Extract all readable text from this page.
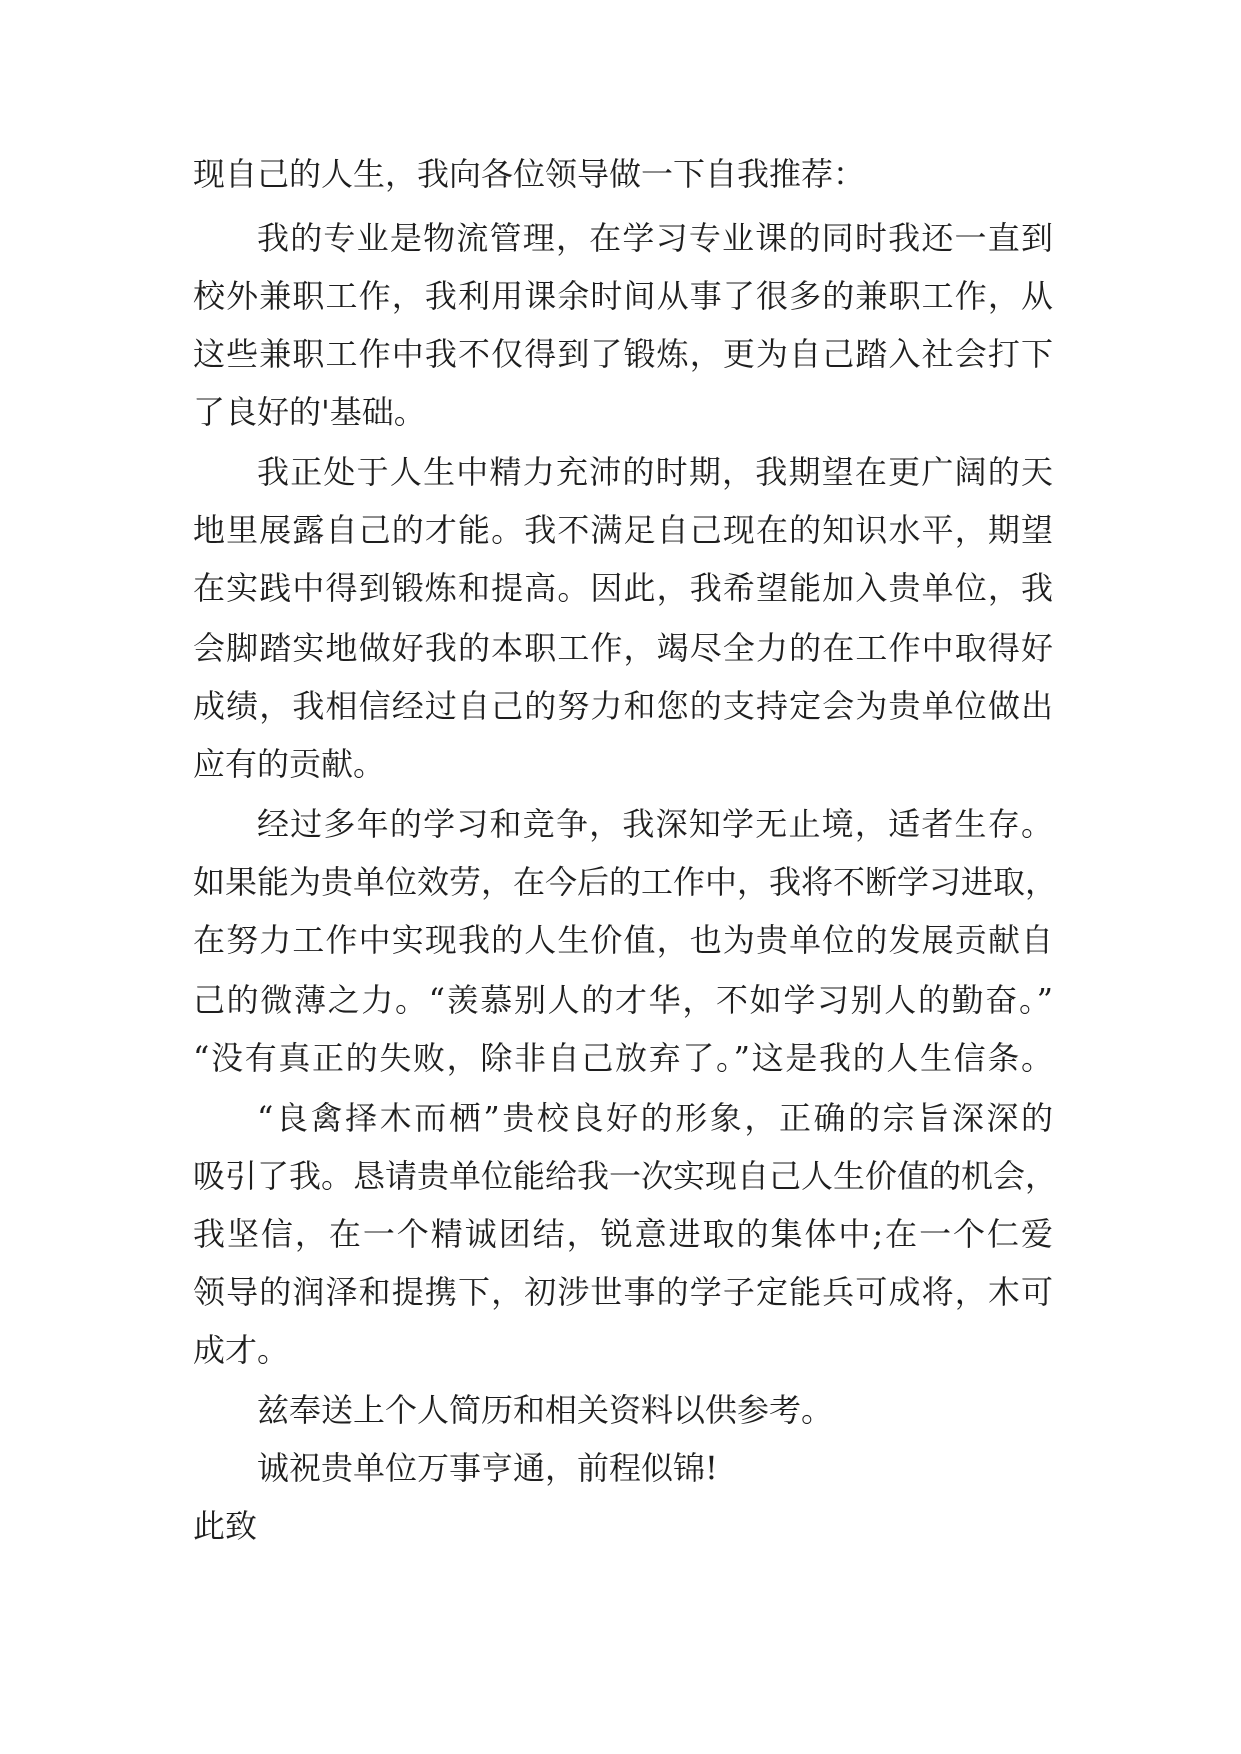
现自己的人生，我向各位领导做一下自我推荐：
我的专业是物流管理，在学习专业课的同时我还一直到
校外兼职工作，我利用课余时间从事了很多的兼职工作，从
这些兼职工作中我不仅得到了锻炼，更为自己踏入社会打下
了良好的'基础。
我正处于人生中精力充沛的时期，我期望在更广阔的天
地里展露自己的才能。我不满足自己现在的知识水平，期望
在实践中得到锻炼和提高。因此，我希望能加入贵单位，我
会脚踏实地做好我的本职工作，竭尽全力的在工作中取得好
成绩，我相信经过自己的努力和您的支持定会为贵单位做出
应有的贡献。
经过多年的学习和竞争，我深知学无止境，适者生存。
如果能为贵单位效劳，在今后的工作中，我将不断学习进取，
在努力工作中实现我的人生价值，也为贵单位的发展贡献自
己的微薄之力。“羡慕别人的才华，不如学习别人的勤奋。”
“没有真正的失败，除非自己放弃了。”这是我的人生信条。
“良禽择木而栖”贵校良好的形象，正确的宗旨深深的
吸引了我。恳请贵单位能给我一次实现自己人生价值的机会，
我坚信，在一个精诚团结，锐意进取的集体中;在一个仁爱
领导的润泽和提携下，初涉世事的学子定能兵可成将，木可
成才。
兹奉送上个人简历和相关资料以供参考。
诚祝贵单位万事亨通，前程似锦!
此致
